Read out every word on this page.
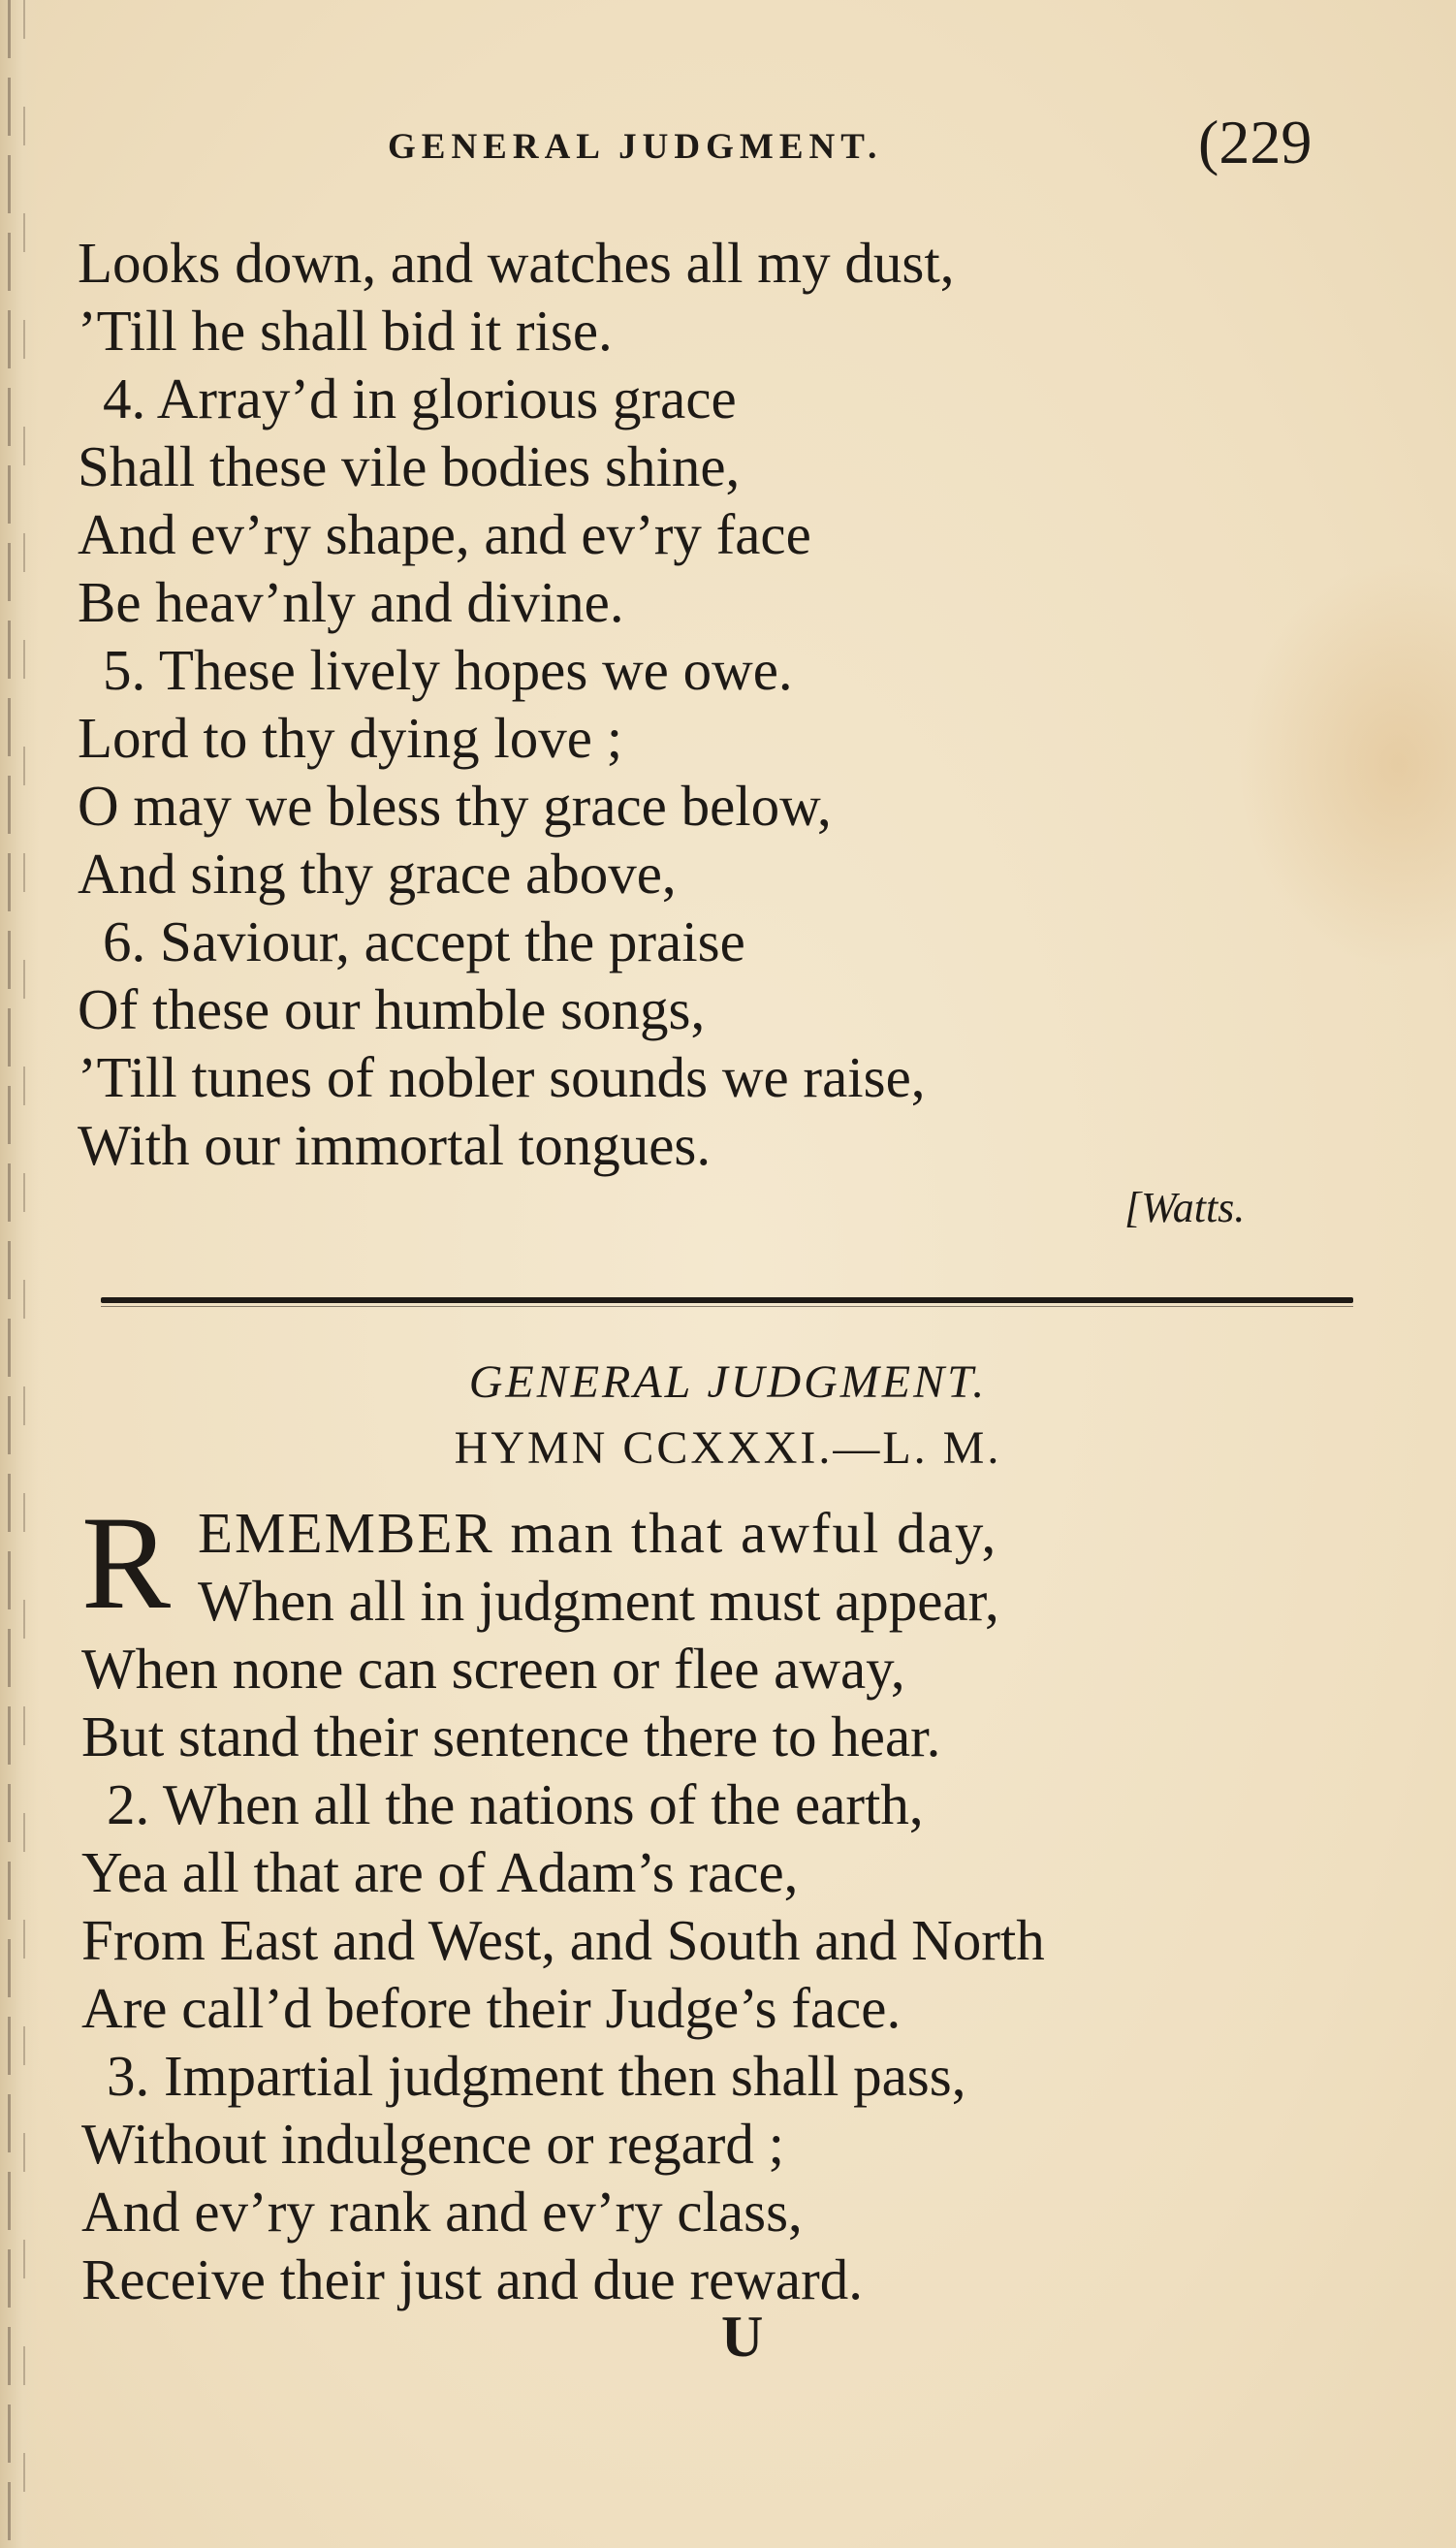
GENERAL JUDGMENT.	(229
Looks down, and watches all my dust,
’Till he shall bid it rise.
4. Array’d in glorious grace
Shall these vile bodies shine,
And ev’ry shape, and ev’ry face
Be heav’nly and divine.
5. These lively hopes we owe.
Lord to thy dying love ;
O may we bless thy grace below,
And sing thy grace above,
6. Saviour, accept the praise
Of these our humble songs,
’Till tunes of nobler sounds we raise,
With our immortal tongues.
[Watts.
GENERAL JUDGMENT.
HYMN CCXXXI.—L. M.
R EMEMBER man that awful day,
When all in judgment must appear,
When none can screen or flee away,
But stand their sentence there to hear.
2. When all the nations of the earth,
Yea all that are of Adam’s race,
From East and West, and South and North
Are call’d before their Judge’s face.
3. Impartial judgment then shall pass,
Without indulgence or regard ;
And ev’ry rank and ev’ry class,
Receive their just and due reward.
U
